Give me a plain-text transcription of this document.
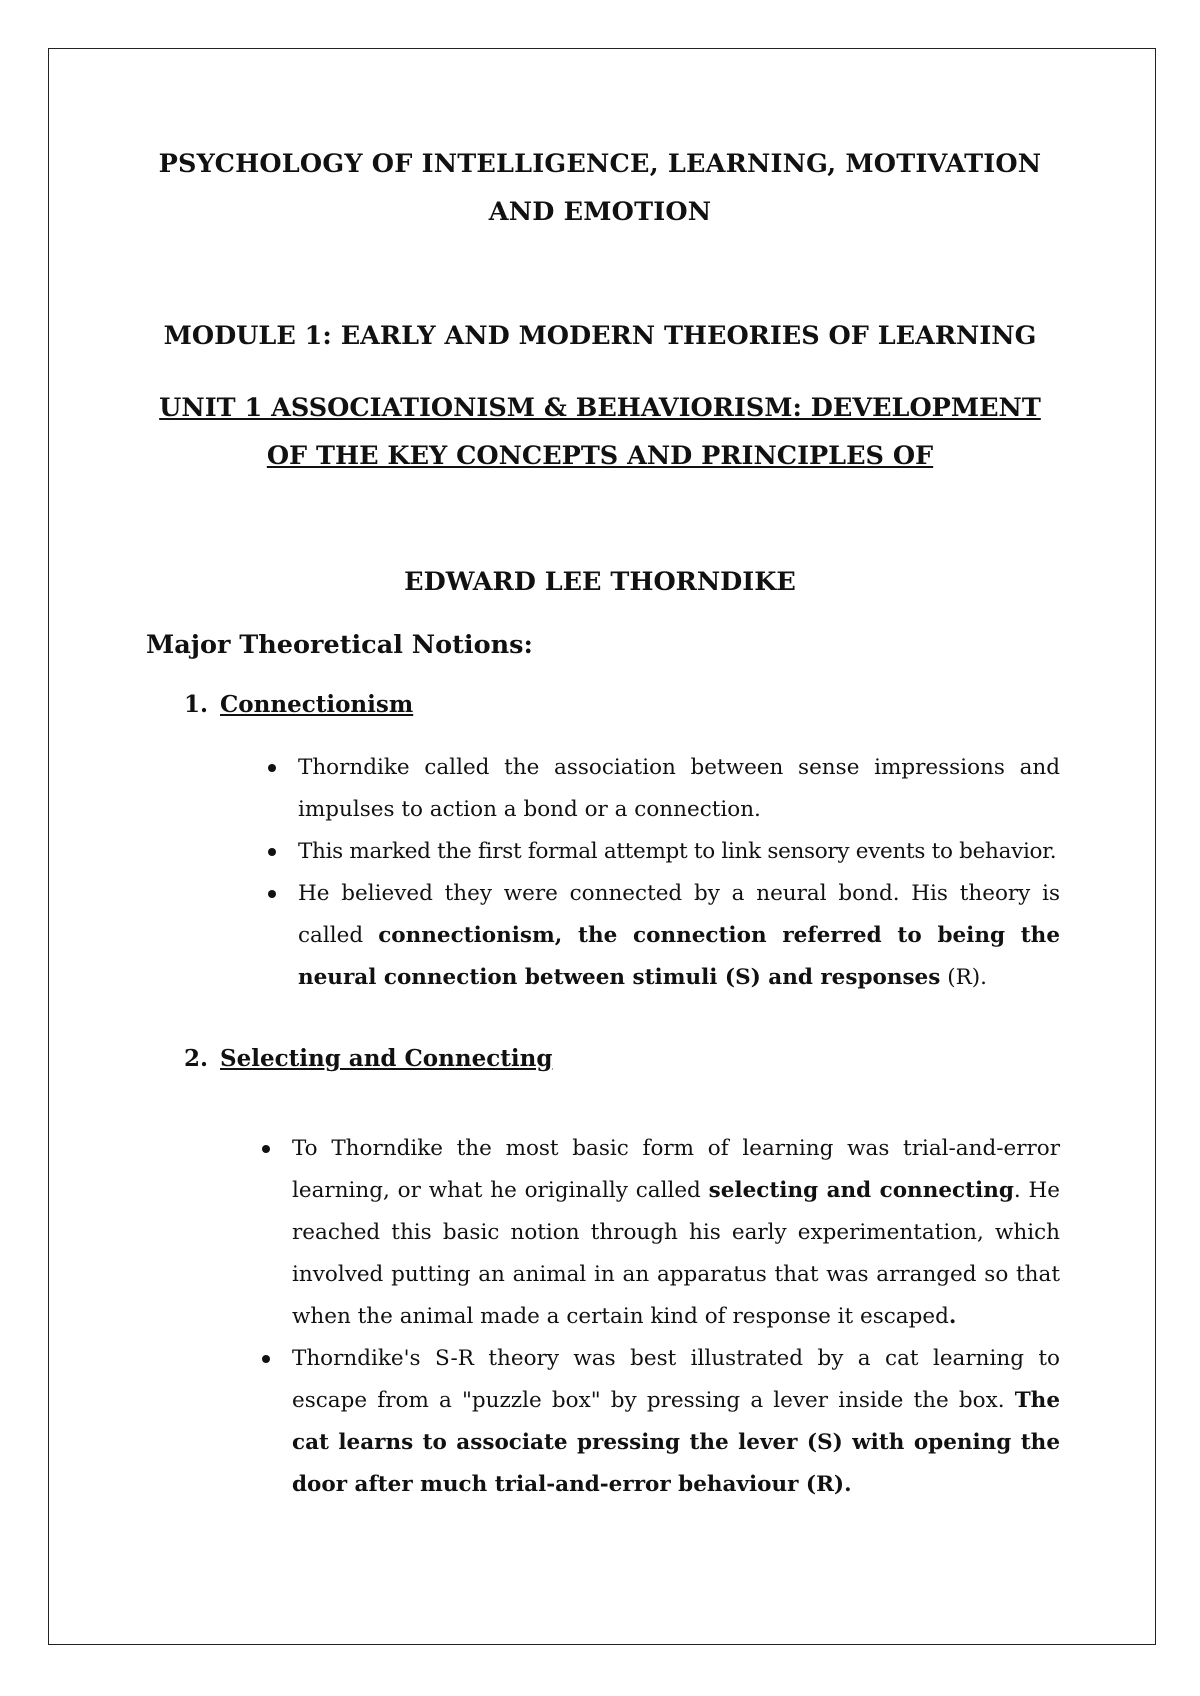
PSYCHOLOGY OF INTELLIGENCE, LEARNING, MOTIVATION
AND EMOTION
MODULE 1: EARLY AND MODERN THEORIES OF LEARNING
UNIT 1 ASSOCIATIONISM & BEHAVIORISM: DEVELOPMENT
OF THE KEY CONCEPTS AND PRINCIPLES OF
EDWARD LEE THORNDIKE
Major Theoretical Notions:
1. Connectionism
Thorndike called the association between sense impressions and impulses to action a bond or a connection.
This marked the first formal attempt to link sensory events to behavior.
He believed they were connected by a neural bond. His theory is called connectionism, the connection referred to being the neural connection between stimuli (S) and responses (R).
2. Selecting and Connecting
To Thorndike the most basic form of learning was trial-and-error learning, or what he originally called selecting and connecting. He reached this basic notion through his early experimentation, which involved putting an animal in an apparatus that was arranged so that when the animal made a certain kind of response it escaped.
Thorndike's S-R theory was best illustrated by a cat learning to escape from a "puzzle box" by pressing a lever inside the box. The cat learns to associate pressing the lever (S) with opening the door after much trial-and-error behaviour (R).
